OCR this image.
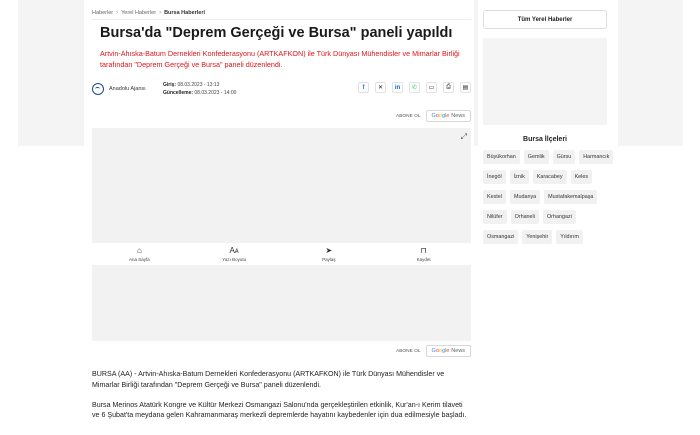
Haberler › Yerel Haberler › Bursa Haberleri
Bursa'da "Deprem Gerçeği ve Bursa" paneli yapıldı

Artvin-Ahıska-Batum Dernekleri Konfederasyonu (ARTKAFKON) ile Türk Dünyası Mühendisler ve Mimarlar Birliği tarafından "Deprem Gerçeği ve Bursa" paneli düzenlendi.

Anadolu Ajansı
Giriş: 08.03.2023 - 13:13
Güncelleme: 08.03.2023 - 14:00
f	✕	in	✆	▭	⎙	▤
ABONE OL G o o g l e News
⤢
⌂
Ana Sayfa
Aᴀ
Yazı Boyutu
➤
Paylaş
⊓
Kaydet
ABONE OL G o o g l e News

BURSA (AA) - Artvin-Ahıska-Batum Dernekleri Konfederasyonu (ARTKAFKON) ile Türk Dünyası Mühendisler ve Mimarlar Birliği tarafından "Deprem Gerçeği ve Bursa" paneli düzenlendi.

Bursa Merinos Atatürk Kongre ve Kültür Merkezi Osmangazi Salonu'nda gerçekleştirilen etkinlik, Kur'an-ı Kerim tilaveti ve 6 Şubat'ta meydana gelen Kahramanmaraş merkezli depremlerde hayatını kaybedenler için dua edilmesiyle başladı.

Tüm Yerel Haberler
Bursa İlçeleri
Büyükorhan	Gemlik	Gürsu	Harmancık
İnegöl	İznik	Karacabey	Keles
Kestel	Mudanya	Mustafakemalpaşa
Nilüfer	Orhaneli	Orhangazi
Osmangazi	Yenişehir	Yıldırım
